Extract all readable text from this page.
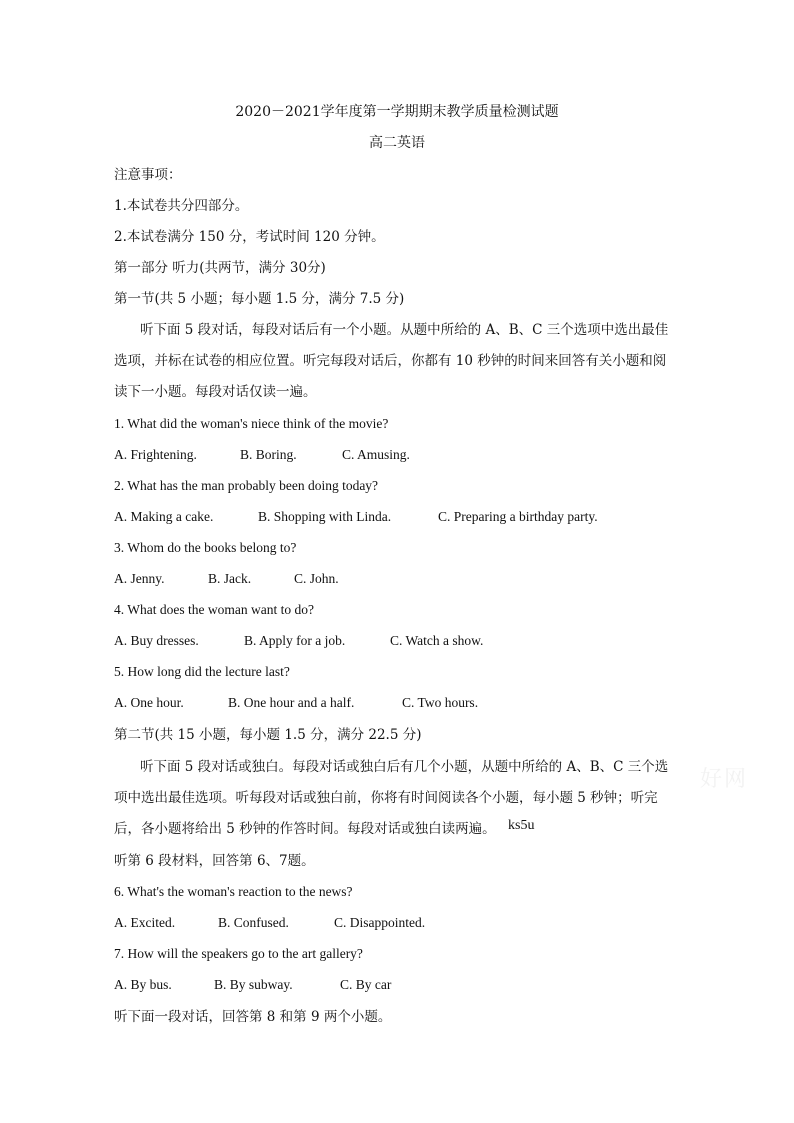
2020－2021学年度第一学期期末教学质量检测试题
高二英语
注意事项：
1.本试卷共分四部分。
2.本试卷满分 150 分，考试时间 120 分钟。
第一部分 听力(共两节，满分 30分)
第一节(共 5 小题；每小题 1.5 分，满分 7.5 分)
听下面 5 段对话，每段对话后有一个小题。从题中所给的 A、B、C 三个选项中选出最佳
选项，并标在试卷的相应位置。听完每段对话后，你都有 10 秒钟的时间来回答有关小题和阅
读下一小题。每段对话仅读一遍。
1. What did the woman's niece think of the movie?
A. Frightening.	B. Boring.	C. Amusing.
2. What has the man probably been doing today?
A. Making a cake.	B. Shopping with Linda.	C. Preparing a birthday party.
3. Whom do the books belong to?
A. Jenny.	B. Jack.	C. John.
4. What does the woman want to do?
A. Buy dresses.	B. Apply for a job.	C. Watch a show.
5. How long did the lecture last?
A. One hour.	B. One hour and a half.	C. Two hours.
第二节(共 15 小题，每小题 1.5 分，满分 22.5 分)
听下面 5 段对话或独白。每段对话或独白后有几个小题，从题中所给的 A、B、C 三个选
项中选出最佳选项。听每段对话或独白前，你将有时间阅读各个小题，每小题 5 秒钟；听完
后，各小题将给出 5 秒钟的作答时间。每段对话或独白读两遍。 ks5u
好网
听第 6 段材料，回答第 6、7题。
6. What's the woman's reaction to the news?
A. Excited.	B. Confused.	C. Disappointed.
7. How will the speakers go to the art gallery?
A. By bus.	B. By subway.	C. By car
听下面一段对话，回答第 8 和第 9 两个小题。
